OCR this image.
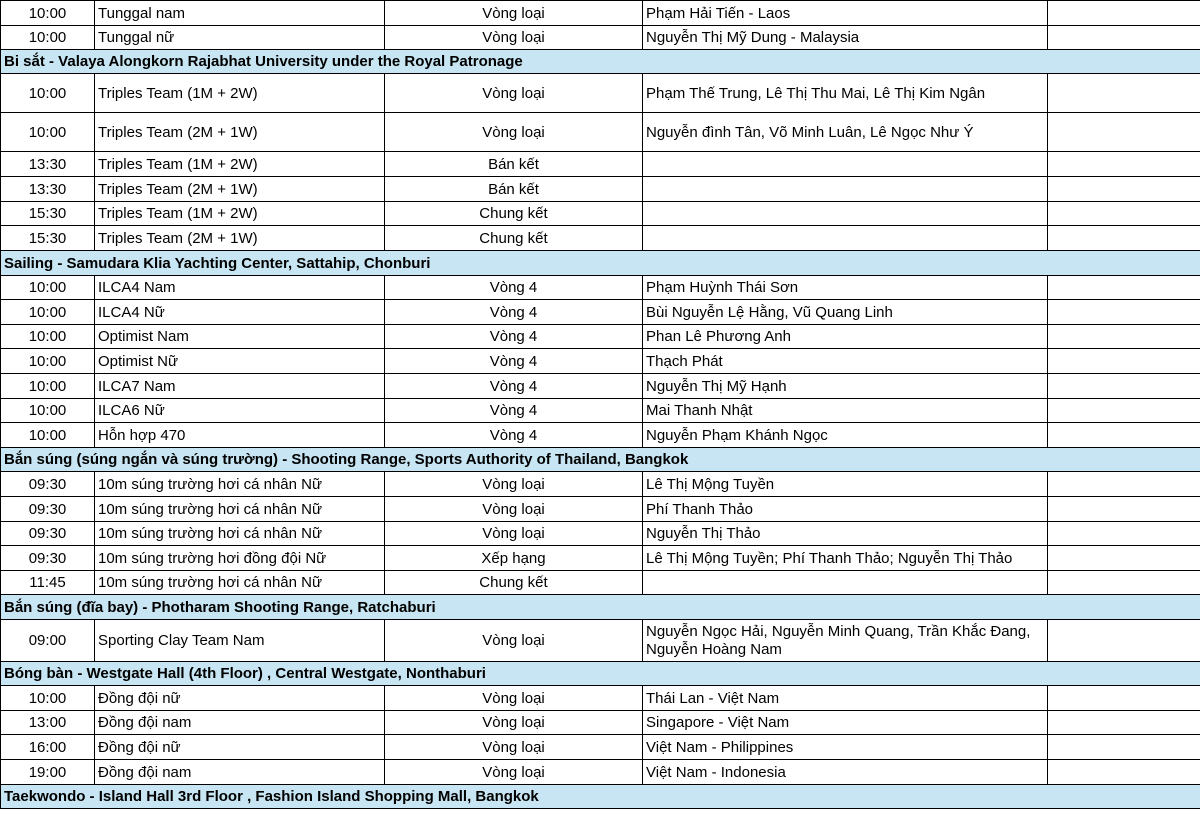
10:00	Tunggal nam	Vòng loại	Phạm Hải Tiến - Laos	
10:00	Tunggal nữ	Vòng loại	Nguyễn Thị Mỹ Dung - Malaysia	
Bi sắt - Valaya Alongkorn Rajabhat University under the Royal Patronage				
10:00	Triples Team (1M + 2W)	Vòng loại	Phạm Thế Trung, Lê Thị Thu Mai, Lê Thị Kim Ngân	
10:00	Triples Team (2M + 1W)	Vòng loại	Nguyễn đình Tân, Võ Minh Luân, Lê Ngọc Như Ý	
13:30	Triples Team (1M + 2W)	Bán kết		
13:30	Triples Team (2M + 1W)	Bán kết		
15:30	Triples Team (1M + 2W)	Chung kết		
15:30	Triples Team (2M + 1W)	Chung kết		
Sailing - Samudara Klia Yachting Center, Sattahip, Chonburi				
10:00	ILCA4 Nam	Vòng 4	Phạm Huỳnh Thái Sơn	
10:00	ILCA4 Nữ	Vòng 4	Bùi Nguyễn Lệ Hằng, Vũ Quang Linh	
10:00	Optimist Nam	Vòng 4	Phan Lê Phương Anh	
10:00	Optimist Nữ	Vòng 4	Thạch Phát	
10:00	ILCA7 Nam	Vòng 4	Nguyễn Thị Mỹ Hạnh	
10:00	ILCA6 Nữ	Vòng 4	Mai Thanh Nhật	
10:00	Hỗn hợp 470	Vòng 4	Nguyễn Phạm Khánh Ngọc	
Bắn súng (súng ngắn và súng trường) - Shooting Range, Sports Authority of Thailand, Bangkok				
09:30	10m súng trường hơi cá nhân Nữ	Vòng loại	Lê Thị Mộng Tuyền	
09:30	10m súng trường hơi cá nhân Nữ	Vòng loại	Phí Thanh Thảo	
09:30	10m súng trường hơi cá nhân Nữ	Vòng loại	Nguyễn Thị Thảo	
09:30	10m súng trường hơi đồng đội Nữ	Xếp hạng	Lê Thị Mộng Tuyền; Phí Thanh Thảo; Nguyễn Thị Thảo	
11:45	10m súng trường hơi cá nhân Nữ	Chung kết		
Bắn súng (đĩa bay) - Photharam Shooting Range, Ratchaburi				
09:00	Sporting Clay Team Nam	Vòng loại	Nguyễn Ngọc Hải, Nguyễn Minh Quang, Trần Khắc Đang, Nguyễn Hoàng Nam	
Bóng bàn - Westgate Hall (4th Floor) , Central Westgate, Nonthaburi				
10:00	Đồng đội nữ	Vòng loại	Thái Lan - Việt Nam	
13:00	Đồng đội nam	Vòng loại	Singapore - Việt Nam	
16:00	Đồng đội nữ	Vòng loại	Việt Nam - Philippines	
19:00	Đồng đội nam	Vòng loại	Việt Nam - Indonesia	
Taekwondo - Island Hall 3rd Floor , Fashion Island Shopping Mall, Bangkok				
